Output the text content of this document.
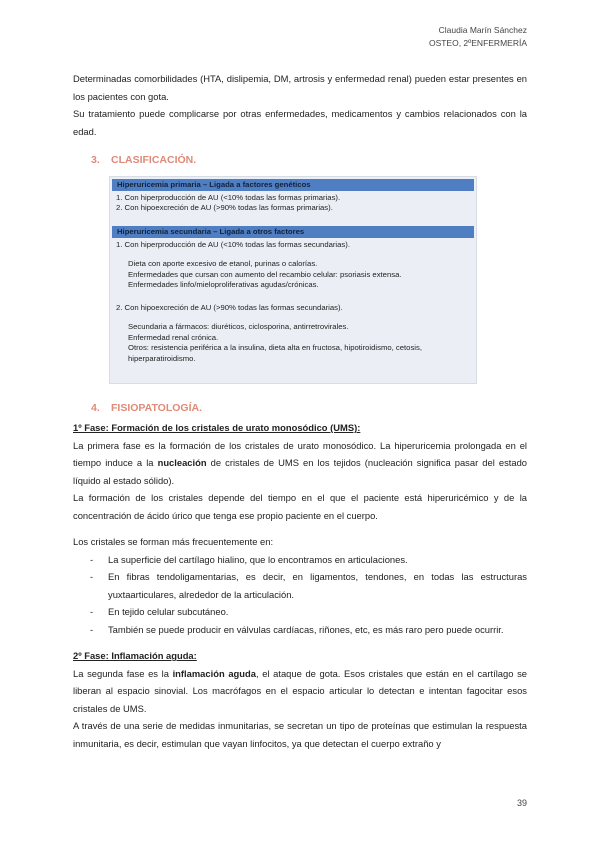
Claudia Marín Sánchez
OSTEO, 2ºENFERMERÍA

Determinadas comorbilidades (HTA, dislipemia, DM, artrosis y enfermedad renal) pueden estar presentes en los pacientes con gota.

Su tratamiento puede complicarse por otras enfermedades, medicamentos y cambios relacionados con la edad.

3. CLASIFICACIÓN.
Hiperuricemia primaria – Ligada a factores genéticos
1. Con hiperproducción de AU (<10% todas las formas primarias).
2. Con hipoexcreción de AU (>90% todas las formas primarias).
Hiperuricemia secundaria – Ligada a otros factores
1. Con hiperproducción de AU (<10% todas las formas secundarias).
Dieta con aporte excesivo de etanol, purinas o calorías.
Enfermedades que cursan con aumento del recambio celular: psoriasis extensa.
Enfermedades linfo/mieloproliferativas agudas/crónicas.
2. Con hipoexcreción de AU (>90% todas las formas secundarias).
Secundaria a fármacos: diuréticos, ciclosporina, antirretrovirales.
Enfermedad renal crónica.
Otros: resistencia periférica a la insulina, dieta alta en fructosa, hipotiroidismo, cetosis,
hiperparatiroidismo.
4. FISIOPATOLOGÍA.

1º Fase: Formación de los cristales de urato monosódico (UMS):

La primera fase es la formación de los cristales de urato monosódico. La hiperuricemia prolongada en el tiempo induce a la nucleación de cristales de UMS en los tejidos (nucleación significa pasar del estado líquido al estado sólido).

La formación de los cristales depende del tiempo en el que el paciente está hiperuricémico y de la concentración de ácido úrico que tenga ese propio paciente en el cuerpo.

Los cristales se forman más frecuentemente en:

- La superficie del cartílago hialino, que lo encontramos en articulaciones.
- En fibras tendoligamentarias, es decir, en ligamentos, tendones, en todas las estructuras yuxtaarticulares, alrededor de la articulación.
- En tejido celular subcutáneo.
- También se puede producir en válvulas cardíacas, riñones, etc, es más raro pero puede ocurrir.

2º Fase: Inflamación aguda:

La segunda fase es la inflamación aguda, el ataque de gota. Esos cristales que están en el cartílago se liberan al espacio sinovial. Los macrófagos en el espacio articular lo detectan e intentan fagocitar esos cristales de UMS.

A través de una serie de medidas inmunitarias, se secretan un tipo de proteínas que estimulan la respuesta inmunitaria, es decir, estimulan que vayan linfocitos, ya que detectan el cuerpo extraño y

39
